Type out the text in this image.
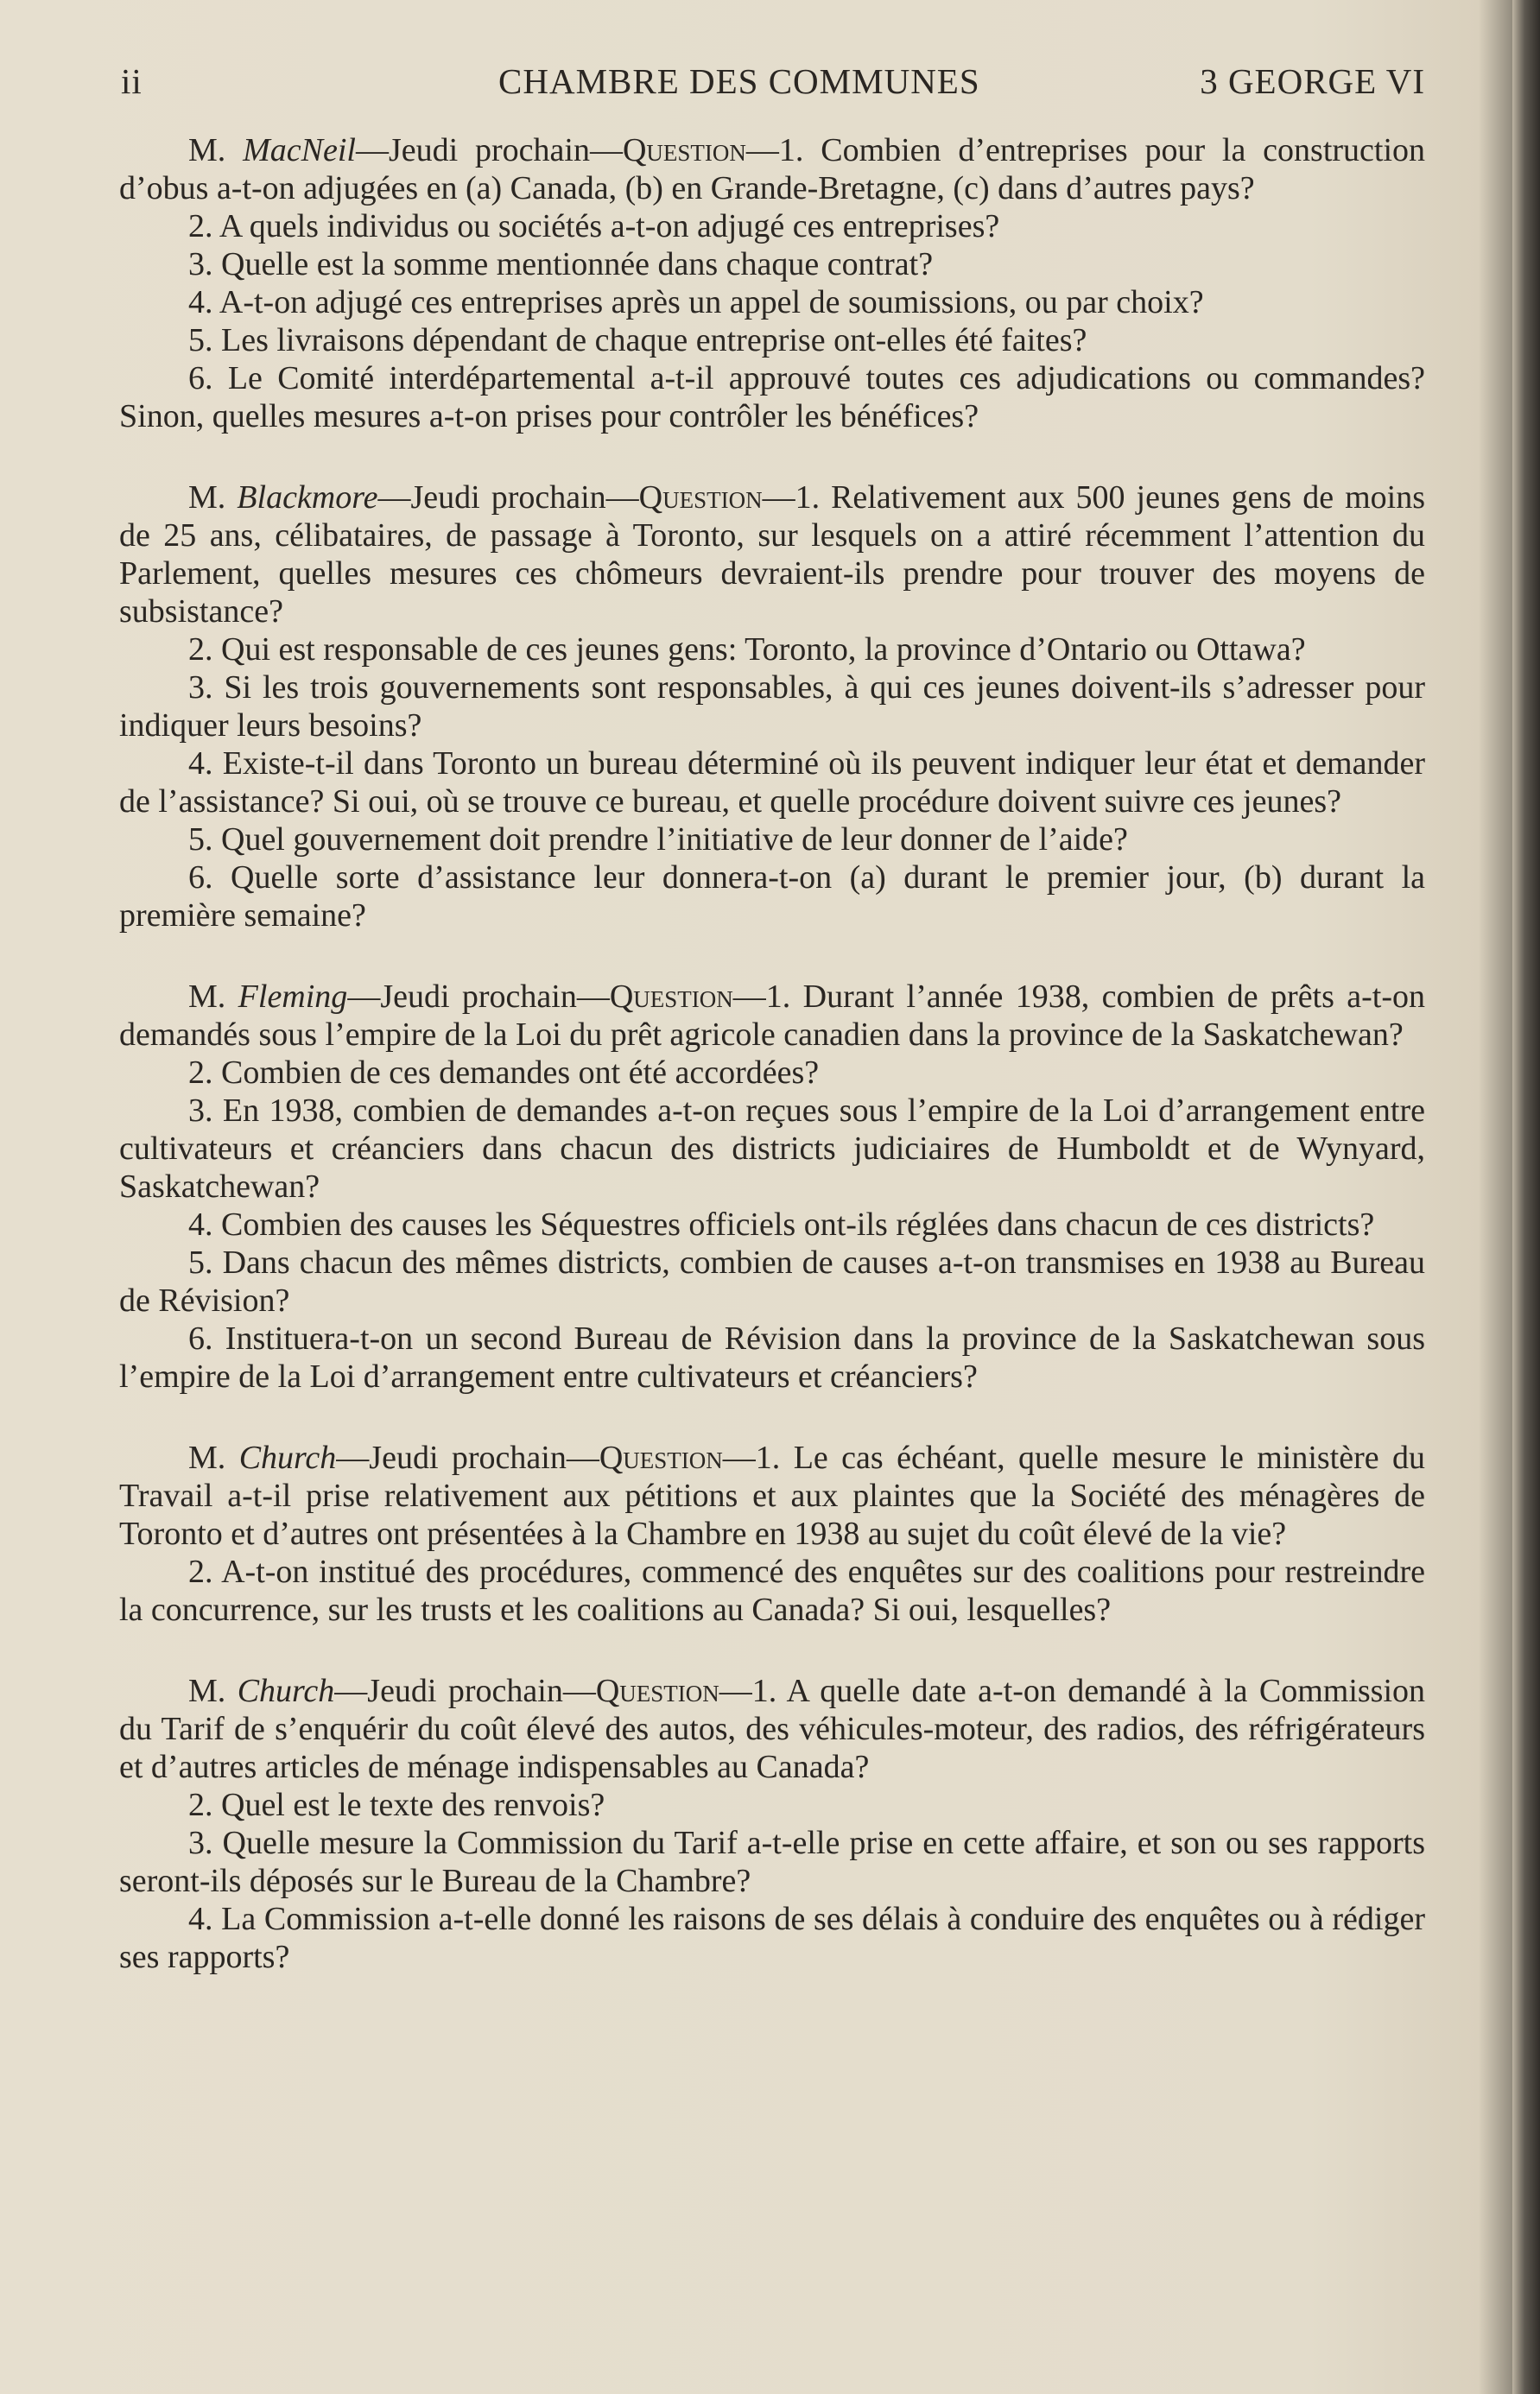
ii	CHAMBRE DES COMMUNES	3 GEORGE VI

M. MacNeil—Jeudi prochain—Question—1. Combien d’entreprises pour la construction d’obus a-t-on adjugées en (a) Canada, (b) en Grande-Bretagne, (c) dans d’autres pays?

2. A quels individus ou sociétés a-t-on adjugé ces entreprises?

3. Quelle est la somme mentionnée dans chaque contrat?

4. A-t-on adjugé ces entreprises après un appel de soumissions, ou par choix?

5. Les livraisons dépendant de chaque entreprise ont-elles été faites?

6. Le Comité interdépartemental a-t-il approuvé toutes ces adjudications ou commandes? Sinon, quelles mesures a-t-on prises pour contrôler les bénéfices?

M. Blackmore—Jeudi prochain—Question—1. Relativement aux 500 jeunes gens de moins de 25 ans, célibataires, de passage à Toronto, sur lesquels on a attiré récemment l’attention du Parlement, quelles mesures ces chômeurs devraient-ils prendre pour trouver des moyens de subsistance?

2. Qui est responsable de ces jeunes gens: Toronto, la province d’Ontario ou Ottawa?

3. Si les trois gouvernements sont responsables, à qui ces jeunes doivent-ils s’adresser pour indiquer leurs besoins?

4. Existe-t-il dans Toronto un bureau déterminé où ils peuvent indiquer leur état et demander de l’assistance? Si oui, où se trouve ce bureau, et quelle procédure doivent suivre ces jeunes?

5. Quel gouvernement doit prendre l’initiative de leur donner de l’aide?

6. Quelle sorte d’assistance leur donnera-t-on (a) durant le premier jour, (b) durant la première semaine?

M. Fleming—Jeudi prochain—Question—1. Durant l’année 1938, combien de prêts a-t-on demandés sous l’empire de la Loi du prêt agricole canadien dans la province de la Saskatchewan?

2. Combien de ces demandes ont été accordées?

3. En 1938, combien de demandes a-t-on reçues sous l’empire de la Loi d’arrangement entre cultivateurs et créanciers dans chacun des districts judiciaires de Humboldt et de Wynyard, Saskatchewan?

4. Combien des causes les Séquestres officiels ont-ils réglées dans chacun de ces districts?

5. Dans chacun des mêmes districts, combien de causes a-t-on transmises en 1938 au Bureau de Révision?

6. Instituera-t-on un second Bureau de Révision dans la province de la Saskatchewan sous l’empire de la Loi d’arrangement entre cultivateurs et créanciers?

M. Church—Jeudi prochain—Question—1. Le cas échéant, quelle mesure le ministère du Travail a-t-il prise relativement aux pétitions et aux plaintes que la Société des ménagères de Toronto et d’autres ont présentées à la Chambre en 1938 au sujet du coût élevé de la vie?

2. A-t-on institué des procédures, commencé des enquêtes sur des coalitions pour restreindre la concurrence, sur les trusts et les coalitions au Canada? Si oui, lesquelles?

M. Church—Jeudi prochain—Question—1. A quelle date a-t-on demandé à la Commission du Tarif de s’enquérir du coût élevé des autos, des véhicules-moteur, des radios, des réfrigérateurs et d’autres articles de ménage indispensables au Canada?

2. Quel est le texte des renvois?

3. Quelle mesure la Commission du Tarif a-t-elle prise en cette affaire, et son ou ses rapports seront-ils déposés sur le Bureau de la Chambre?

4. La Commission a-t-elle donné les raisons de ses délais à conduire des enquêtes ou à rédiger ses rapports?
